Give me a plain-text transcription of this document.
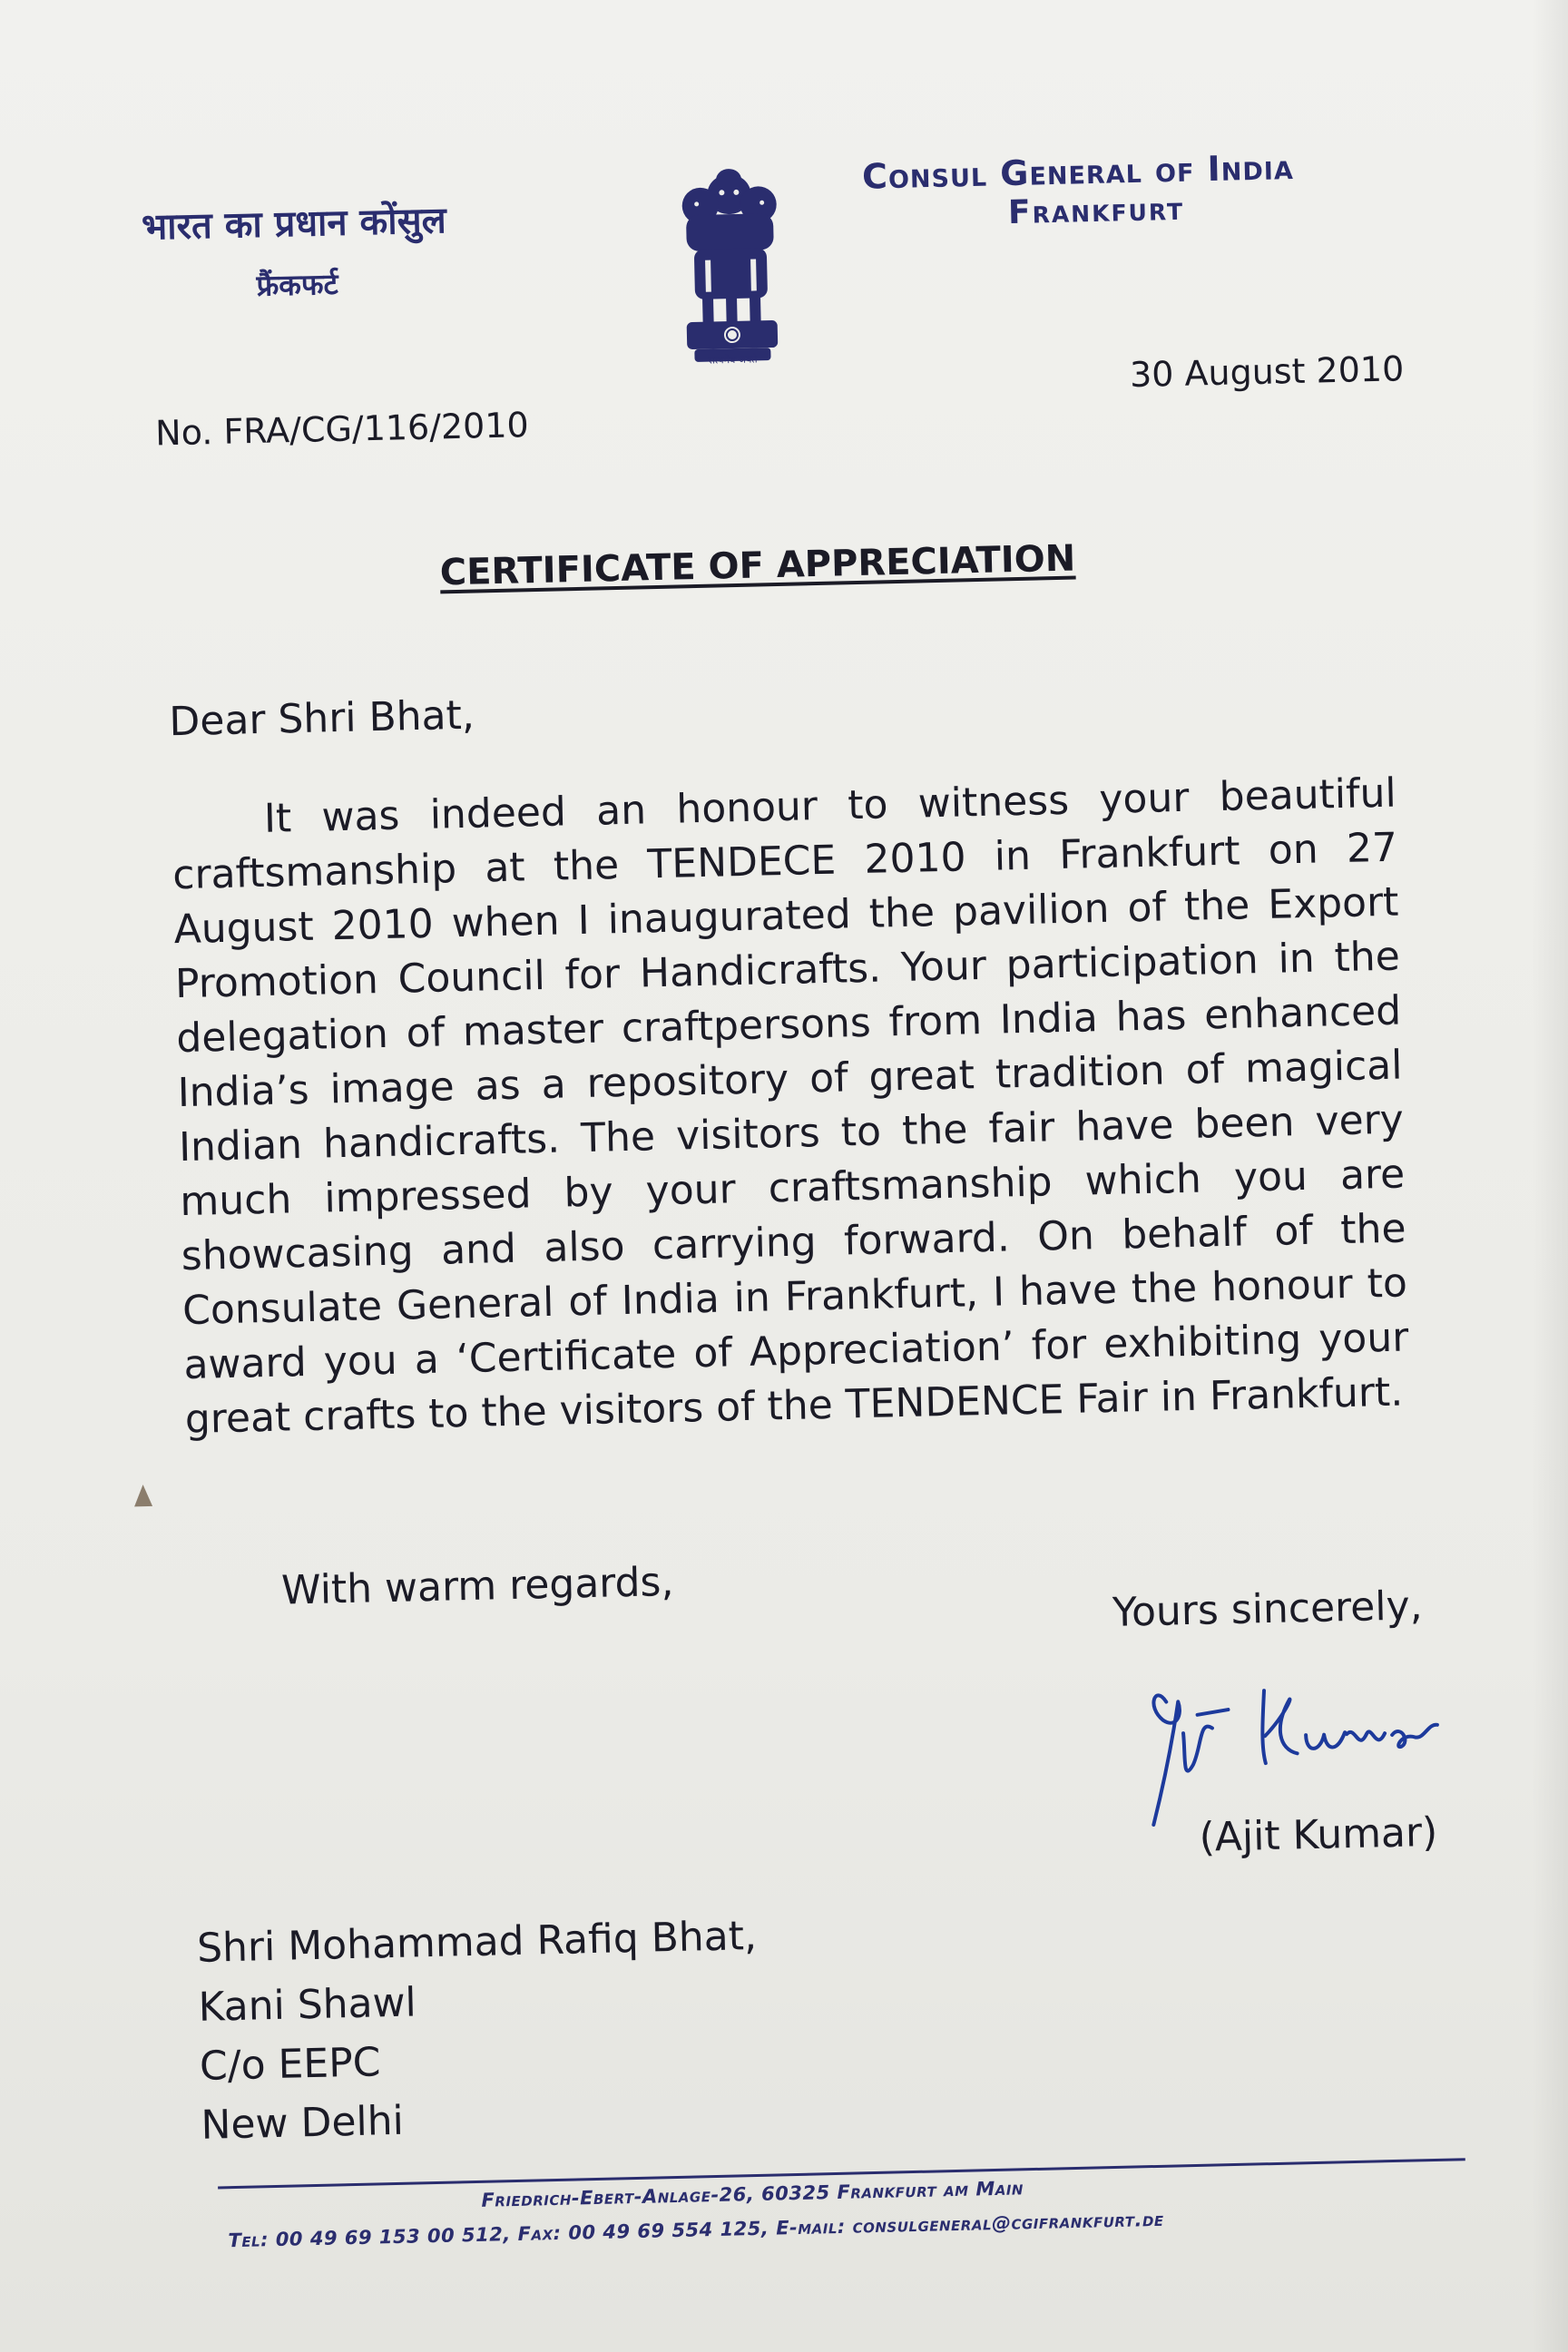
भारत का प्रधान कोंसुल
फ्रैंकफर्ट
सत्यमेव जयते
Consul General of India
Frankfurt
No. FRA/CG/116/2010
30 August 2010
CERTIFICATE OF APPRECIATION
Dear Shri Bhat,
It was indeed an honour to witness your beautiful craftsmanship at the TENDECE 2010 in Frankfurt on 27 August 2010 when I inaugurated the pavilion of the Export Promotion Council for Handicrafts. Your participation in the delegation of master craftpersons from India has enhanced India’s image as a repository of great tradition of magical Indian handicrafts. The visitors to the fair have been very much impressed by your craftsmanship which you are showcasing and also carrying forward. On behalf of the Consulate General of India in Frankfurt, I have the honour to award you a ‘Certificate of Appreciation’ for exhibiting your great crafts to the visitors of the TENDENCE Fair in Frankfurt.
With warm regards,	Yours sincerely,
(Ajit Kumar)
Shri Mohammad Rafiq Bhat,
Kani Shawl
C/o EEPC
New Delhi
Friedrich-Ebert-Anlage-26, 60325 Frankfurt am Main
Tel: 00 49 69 153 00 512, Fax: 00 49 69 554 125, E-mail: consulgeneral@cgifrankfurt.de
